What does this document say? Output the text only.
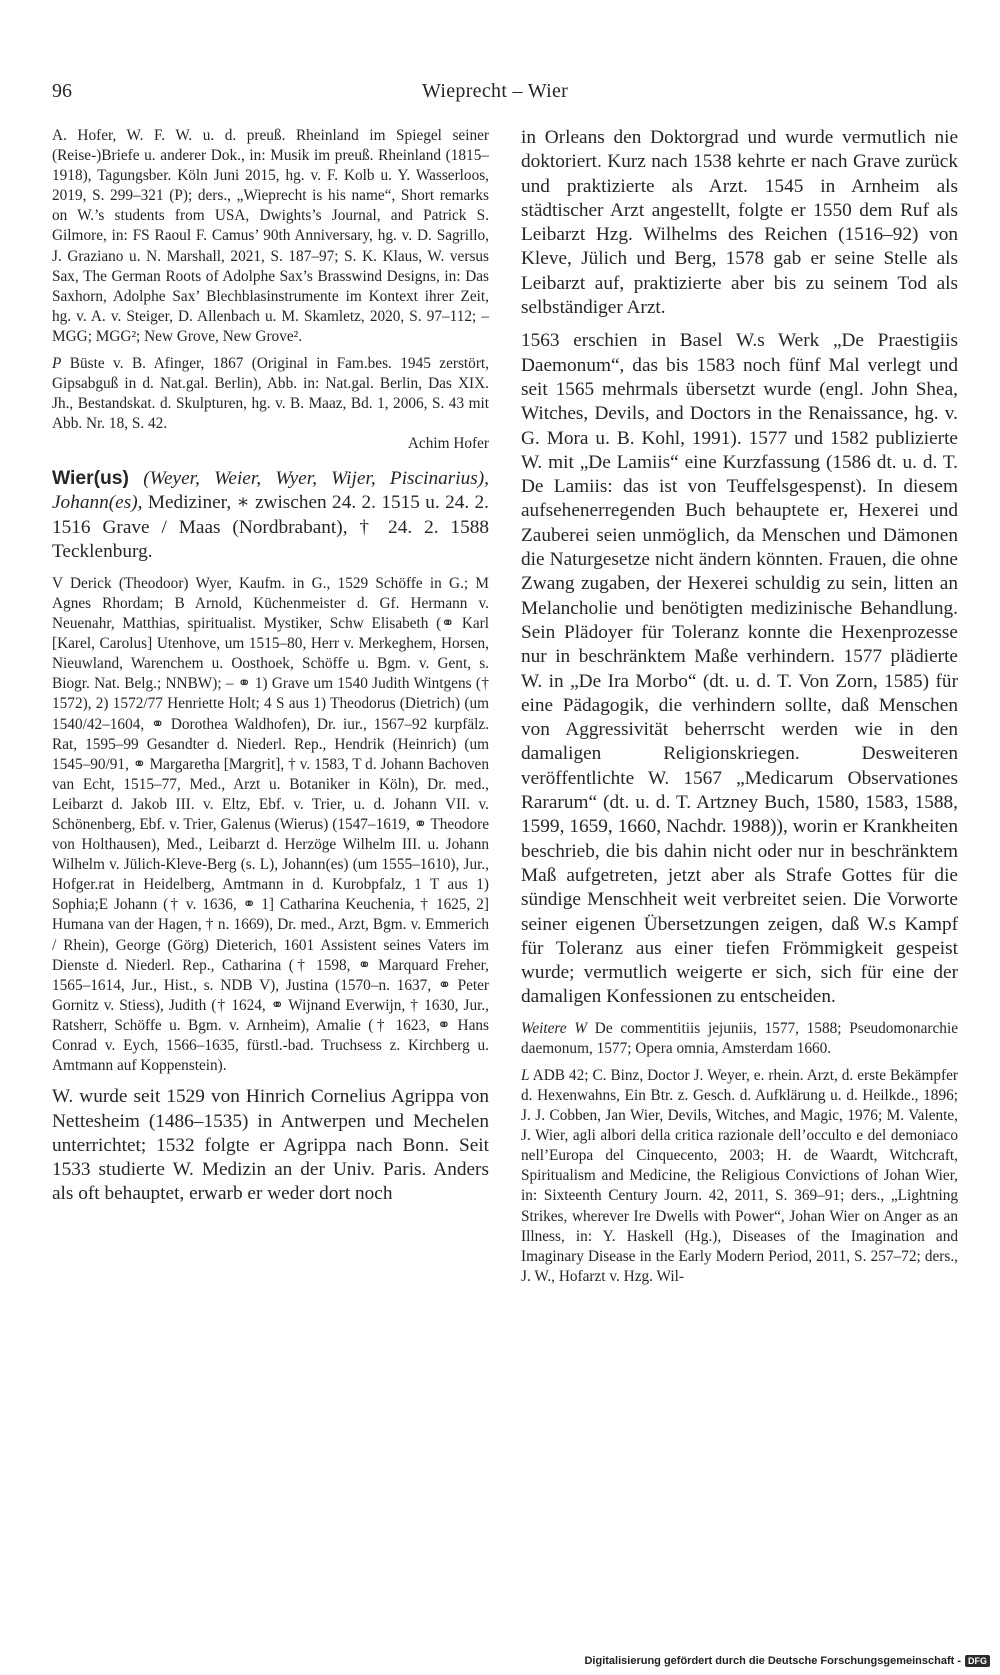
96	Wieprecht – Wier

A. Hofer, W. F. W. u. d. preuß. Rheinland im Spiegel seiner (Reise-)Briefe u. anderer Dok., in: Musik im preuß. Rheinland (1815–1918), Tagungsber. Köln Juni 2015, hg. v. F. Kolb u. Y. Wasserloos, 2019, S. 299–321 (P); ders., „Wieprecht is his name“, Short remarks on W.’s students from USA, Dwights’s Journal, and Patrick S. Gilmore, in: FS Raoul F. Camus’ 90th Anniversary, hg. v. D. Sagrillo, J. Graziano u. N. Marshall, 2021, S. 187–97; S. K. Klaus, W. versus Sax, The German Roots of Adolphe Sax’s Brasswind Designs, in: Das Saxhorn, Adolphe Sax’ Blechblasinstrumente im Kontext ihrer Zeit, hg. v. A. v. Steiger, D. Allenbach u. M. Skamletz, 2020, S. 97–112; – MGG; MGG²; New Grove, New Grove².

P Büste v. B. Afinger, 1867 (Original in Fam.bes. 1945 zerstört, Gipsabguß in d. Nat.gal. Berlin), Abb. in: Nat.gal. Berlin, Das XIX. Jh., Bestandskat. d. Skulpturen, hg. v. B. Maaz, Bd. 1, 2006, S. 43 mit Abb. Nr. 18, S. 42.

Achim Hofer

Wier(us) (Weyer, Weier, Wyer, Wijer, Piscinarius), Johann(es), Mediziner, ∗ zwischen 24. 2. 1515 u. 24. 2. 1516 Grave / Maas (Nordbrabant), † 24. 2. 1588 Tecklenburg.

V Derick (Theodoor) Wyer, Kaufm. in G., 1529 Schöffe in G.; M Agnes Rhordam; B Arnold, Küchenmeister d. Gf. Hermann v. Neuenahr, Matthias, spiritualist. Mystiker, Schw Elisabeth (⚭ Karl [Karel, Carolus] Utenhove, um 1515–80, Herr v. Merkeghem, Horsen, Nieuwland, Warenchem u. Oosthoek, Schöffe u. Bgm. v. Gent, s. Biogr. Nat. Belg.; NNBW); – ⚭ 1) Grave um 1540 Judith Wintgens († 1572), 2) 1572/77 Henriette Holt; 4 S aus 1) Theodorus (Dietrich) (um 1540/42–1604, ⚭ Dorothea Waldhofen), Dr. iur., 1567–92 kurpfälz. Rat, 1595–99 Gesandter d. Niederl. Rep., Hendrik (Heinrich) (um 1545–90/91, ⚭ Margaretha [Margrit], † v. 1583, T d. Johann Bachoven van Echt, 1515–77, Med., Arzt u. Botaniker in Köln), Dr. med., Leibarzt d. Jakob III. v. Eltz, Ebf. v. Trier, u. d. Johann VII. v. Schönenberg, Ebf. v. Trier, Galenus (Wierus) (1547–1619, ⚭ Theodore von Holthausen), Med., Leibarzt d. Herzöge Wilhelm III. u. Johann Wilhelm v. Jülich-Kleve-Berg (s. L), Johann(es) (um 1555–1610), Jur., Hofger.rat in Heidelberg, Amtmann in d. Kurobpfalz, 1 T aus 1) Sophia;E Johann († v. 1636, ⚭ 1] Catharina Keuchenia, † 1625, 2] Humana van der Hagen, † n. 1669), Dr. med., Arzt, Bgm. v. Emmerich / Rhein), George (Görg) Dieterich, 1601 Assistent seines Vaters im Dienste d. Niederl. Rep., Catharina († 1598, ⚭ Marquard Freher, 1565–1614, Jur., Hist., s. NDB V), Justina (1570–n. 1637, ⚭ Peter Gornitz v. Stiess), Judith († 1624, ⚭ Wijnand Everwijn, † 1630, Jur., Ratsherr, Schöffe u. Bgm. v. Arnheim), Amalie († 1623, ⚭ Hans Conrad v. Eych, 1566–1635, fürstl.-bad. Truchsess z. Kirchberg u. Amtmann auf Koppenstein).

W. wurde seit 1529 von Hinrich Cornelius Agrippa von Nettesheim (1486–1535) in Antwerpen und Mechelen unterrichtet; 1532 folgte er Agrippa nach Bonn. Seit 1533 studierte W. Medizin an der Univ. Paris. Anders als oft behauptet, erwarb er weder dort noch

in Orleans den Doktorgrad und wurde vermutlich nie doktoriert. Kurz nach 1538 kehrte er nach Grave zurück und praktizierte als Arzt. 1545 in Arnheim als städtischer Arzt angestellt, folgte er 1550 dem Ruf als Leibarzt Hzg. Wilhelms des Reichen (1516–92) von Kleve, Jülich und Berg, 1578 gab er seine Stelle als Leibarzt auf, praktizierte aber bis zu seinem Tod als selbständiger Arzt.

1563 erschien in Basel W.s Werk „De Praestigiis Daemonum“, das bis 1583 noch fünf Mal verlegt und seit 1565 mehrmals übersetzt wurde (engl. John Shea, Witches, Devils, and Doctors in the Renaissance, hg. v. G. Mora u. B. Kohl, 1991). 1577 und 1582 publizierte W. mit „De Lamiis“ eine Kurzfassung (1586 dt. u. d. T. De Lamiis: das ist von Teuffelsgespenst). In diesem aufsehenerregenden Buch behauptete er, Hexerei und Zauberei seien unmöglich, da Menschen und Dämonen die Naturgesetze nicht ändern könnten. Frauen, die ohne Zwang zugaben, der Hexerei schuldig zu sein, litten an Melancholie und benötigten medizinische Behandlung. Sein Plädoyer für Toleranz konnte die Hexenprozesse nur in beschränktem Maße verhindern. 1577 plädierte W. in „De Ira Morbo“ (dt. u. d. T. Von Zorn, 1585) für eine Pädagogik, die verhindern sollte, daß Menschen von Aggressivität beherrscht werden wie in den damaligen Religionskriegen. Desweiteren veröffentlichte W. 1567 „Medicarum Observationes Rararum“ (dt. u. d. T. Artzney Buch, 1580, 1583, 1588, 1599, 1659, 1660, Nachdr. 1988)), worin er Krankheiten beschrieb, die bis dahin nicht oder nur in beschränktem Maß aufgetreten, jetzt aber als Strafe Gottes für die sündige Menschheit weit verbreitet seien. Die Vorworte seiner eigenen Übersetzungen zeigen, daß W.s Kampf für Toleranz aus einer tiefen Frömmigkeit gespeist wurde; vermutlich weigerte er sich, sich für eine der damaligen Konfessionen zu entscheiden.

Weitere W De commentitiis jejuniis, 1577, 1588; Pseudomonarchie daemonum, 1577; Opera omnia, Amsterdam 1660.

L ADB 42; C. Binz, Doctor J. Weyer, e. rhein. Arzt, d. erste Bekämpfer d. Hexenwahns, Ein Btr. z. Gesch. d. Aufklärung u. d. Heilkde., 1896; J. J. Cobben, Jan Wier, Devils, Witches, and Magic, 1976; M. Valente, J. Wier, agli albori della critica razionale dell’occulto e del demoniaco nell’Europa del Cinquecento, 2003; H. de Waardt, Witchcraft, Spiritualism and Medicine, the Religious Convictions of Johan Wier, in: Sixteenth Century Journ. 42, 2011, S. 369–91; ders., „Lightning Strikes, wherever Ire Dwells with Power“, Johan Wier on Anger as an Illness, in: Y. Haskell (Hg.), Diseases of the Imagination and Imaginary Disease in the Early Modern Period, 2011, S. 257–72; ders., J. W., Hofarzt v. Hzg. Wil-

Digitalisierung gefördert durch die Deutsche Forschungsgemeinschaft - DFG
